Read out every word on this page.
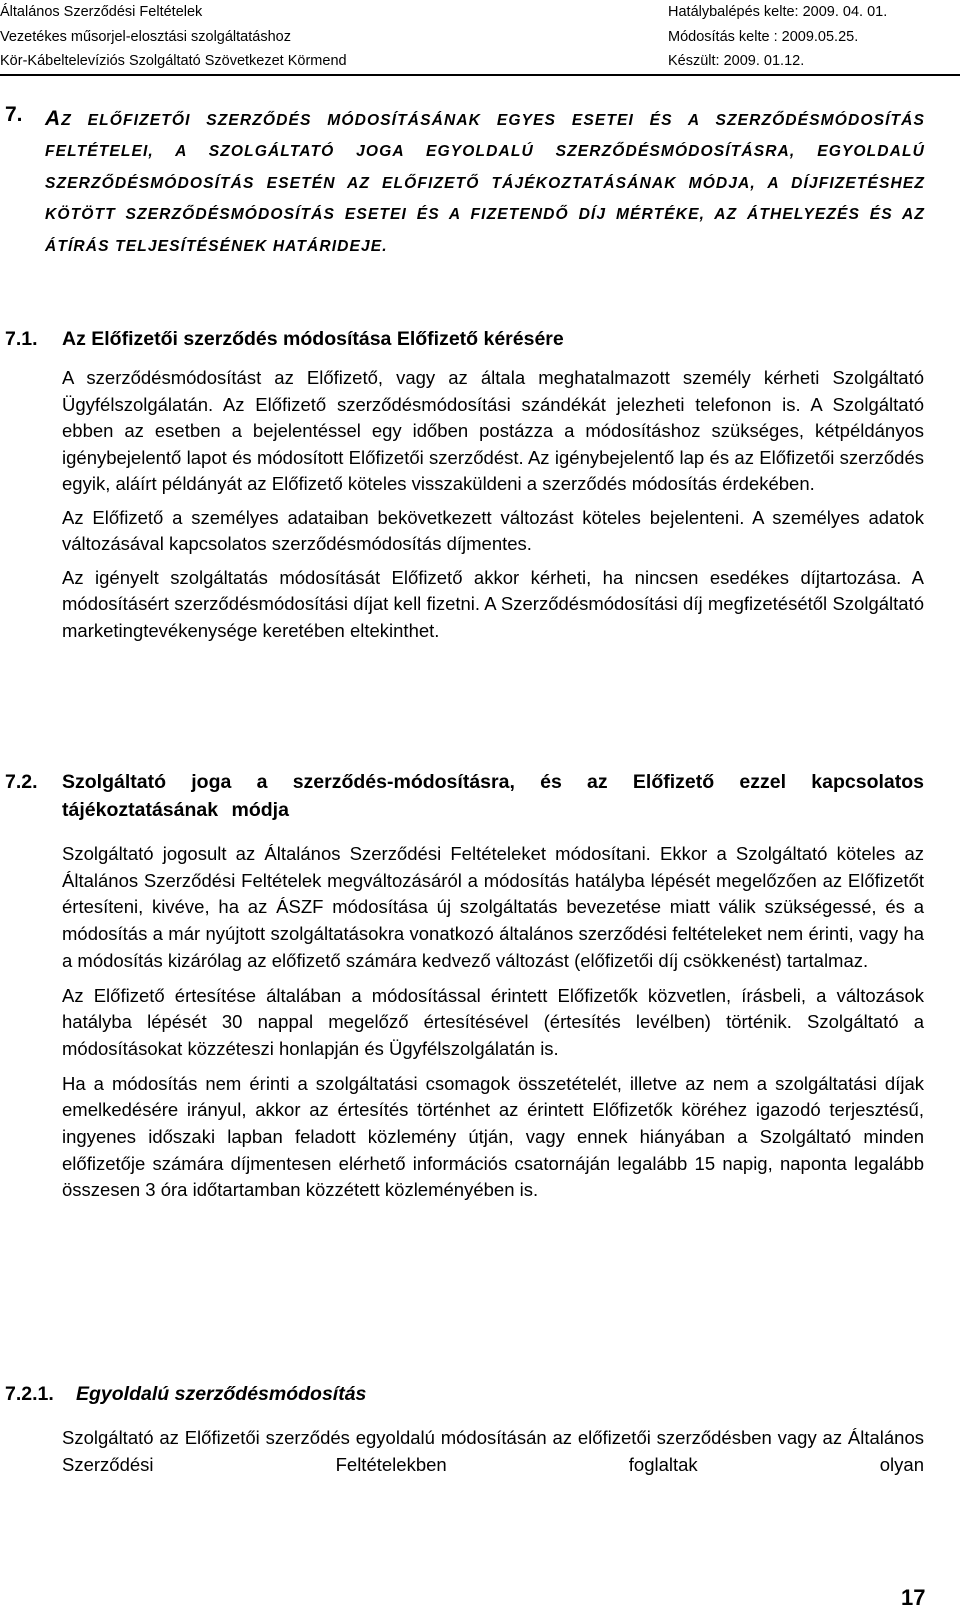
Általános Szerződési Feltételek
Vezetékes műsorjel-elosztási szolgáltatáshoz
Kör-Kábeltelevíziós Szolgáltató Szövetkezet Körmend
Hatálybalépés kelte: 2009. 04. 01.
Módosítás kelte : 2009.05.25.
Készült: 2009. 01.12.
7. AZ ELŐFIZETŐI SZERZŐDÉS MÓDOSÍTÁSÁNAK EGYES ESETEI ÉS A SZERZŐDÉSMÓDOSÍTÁS FELTÉTELEI, A SZOLGÁLTATÓ JOGA EGYOLDALÚ SZERZŐDÉSMÓDOSÍTÁSRA, EGYOLDALÚ SZERZŐDÉSMÓDOSÍTÁS ESETÉN AZ ELŐFIZETŐ TÁJÉKOZTATÁSÁNAK MÓDJA, A DÍJFIZETÉSHEZ KÖTÖTT SZERZŐDÉSMÓDOSÍTÁS ESETEI ÉS A FIZETENDŐ DÍJ MÉRTÉKE, AZ ÁTHELYEZÉS ÉS AZ ÁTÍRÁS TELJESÍTÉSÉNEK HATÁRIDEJE.
7.1. Az Előfizetői szerződés módosítása Előfizető kérésére

A szerződésmódosítást az Előfizető, vagy az általa meghatalmazott személy kérheti Szolgáltató Ügyfélszolgálatán. Az Előfizető szerződésmódosítási szándékát jelezheti telefonon is. A Szolgáltató ebben az esetben a bejelentéssel egy időben postázza a módosításhoz szükséges, kétpéldányos igénybejelentő lapot és módosított Előfizetői szerződést. Az igénybejelentő lap és az Előfizetői szerződés egyik, aláírt példányát az Előfizető köteles visszaküldeni a szerződés módosítás érdekében.

Az Előfizető a személyes adataiban bekövetkezett változást köteles bejelenteni. A személyes adatok változásával kapcsolatos szerződésmódosítás díjmentes.

Az igényelt szolgáltatás módosítását Előfizető akkor kérheti, ha nincsen esedékes díjtartozása. A módosításért szerződésmódosítási díjat kell fizetni. A Szerződésmódosítási díj megfizetésétől Szolgáltató marketingtevékenysége keretében eltekinthet.

7.2. Szolgáltató joga a szerződés-módosításra, és az Előfizető ezzel kapcsolatos tájékoztatásának módja

Szolgáltató jogosult az Általános Szerződési Feltételeket módosítani. Ekkor a Szolgáltató köteles az Általános Szerződési Feltételek megváltozásáról a módosítás hatályba lépését megelőzően az Előfizetőt értesíteni, kivéve, ha az ÁSZF módosítása új szolgáltatás bevezetése miatt válik szükségessé, és a módosítás a már nyújtott szolgáltatásokra vonatkozó általános szerződési feltételeket nem érinti, vagy ha a módosítás kizárólag az előfizető számára kedvező változást (előfizetői díj csökkenést) tartalmaz.

Az Előfizető értesítése általában a módosítással érintett Előfizetők közvetlen, írásbeli, a változások hatályba lépését 30 nappal megelőző értesítésével (értesítés levélben) történik. Szolgáltató a módosításokat közzéteszi honlapján és Ügyfélszolgálatán is.

Ha a módosítás nem érinti a szolgáltatási csomagok összetételét, illetve az nem a szolgáltatási díjak emelkedésére irányul, akkor az értesítés történhet az érintett Előfizetők köréhez igazodó terjesztésű, ingyenes időszaki lapban feladott közlemény útján, vagy ennek hiányában a Szolgáltató minden előfizetője számára díjmentesen elérhető információs csatornáján legalább 15 napig, naponta legalább összesen 3 óra időtartamban közzétett közleményében is.

7.2.1. Egyoldalú szerződésmódosítás

Szolgáltató az Előfizetői szerződés egyoldalú módosításán az előfizetői szerződésben vagy az Általános Szerződési Feltételekben foglaltak olyan

17
